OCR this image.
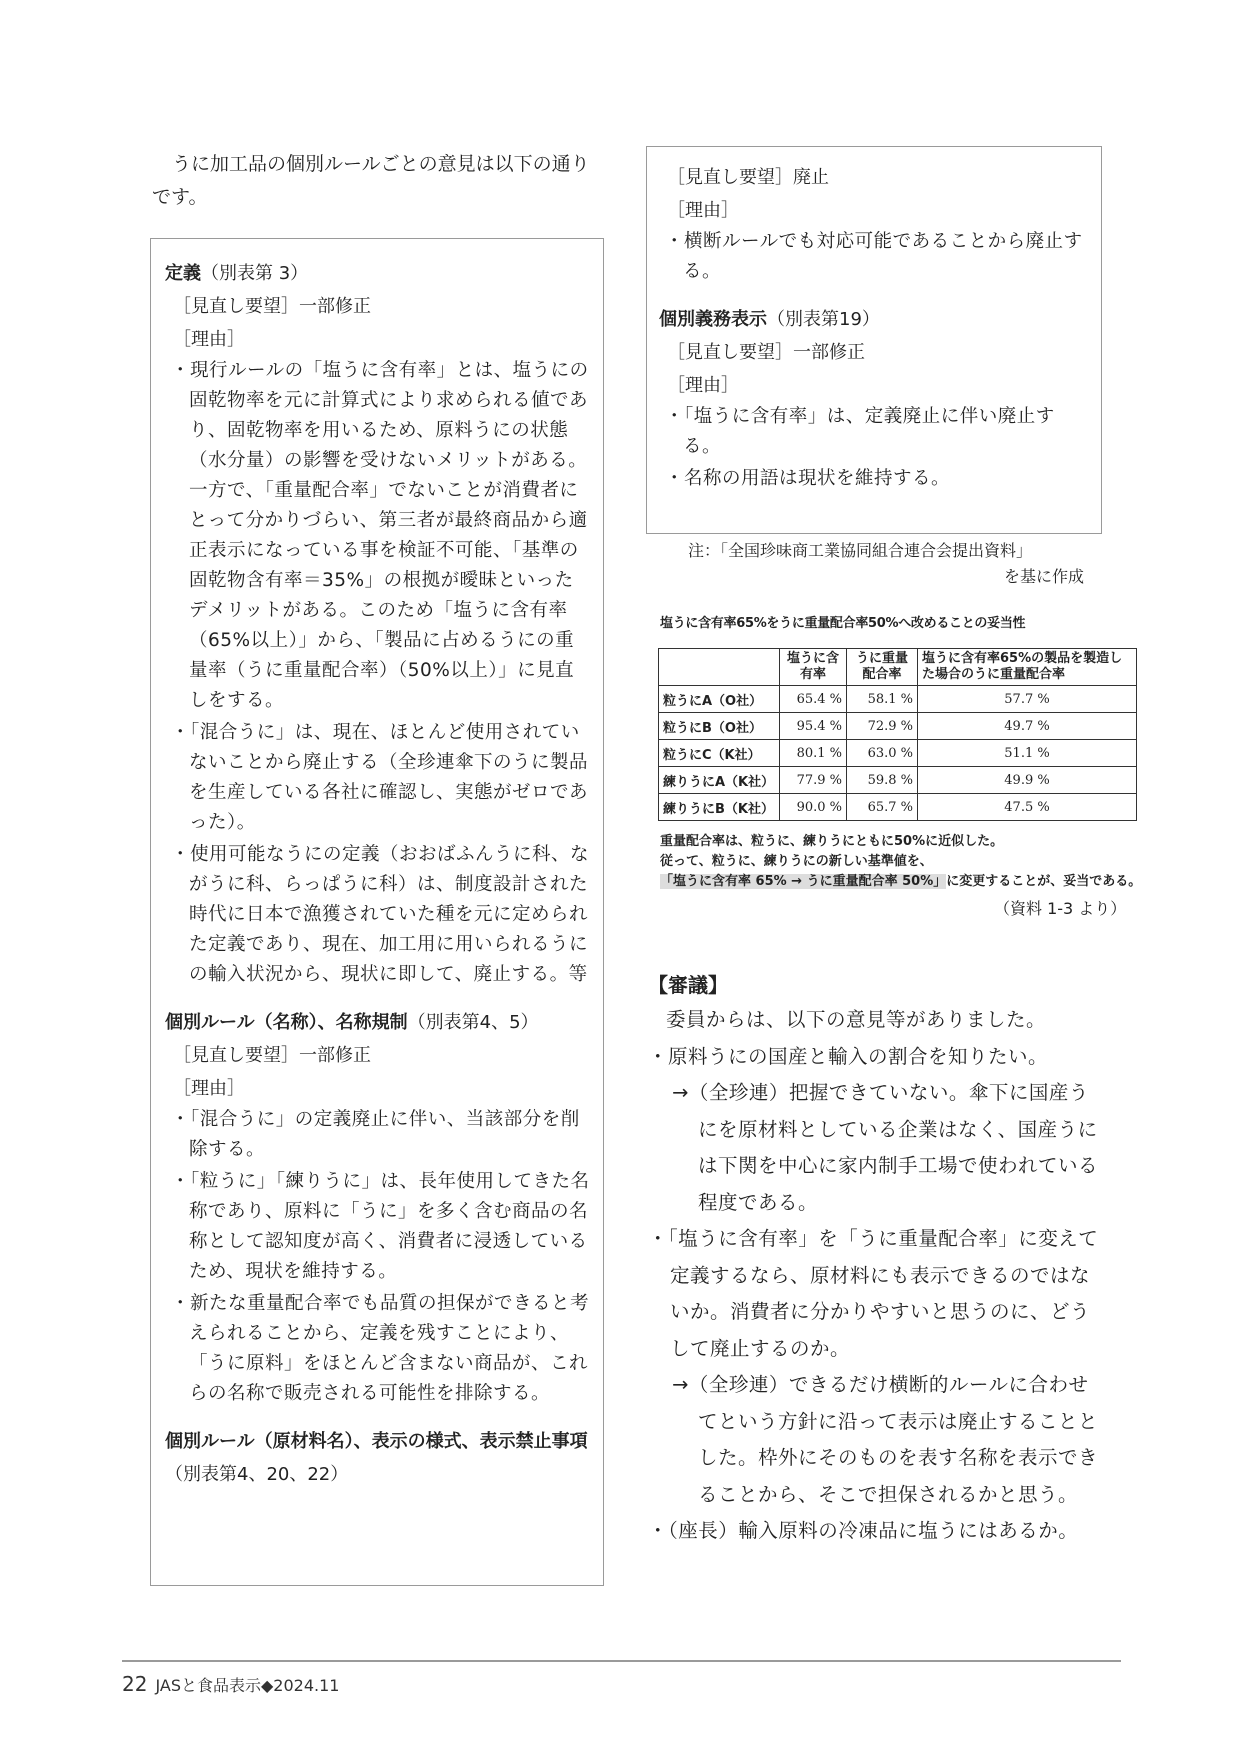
うに加工品の個別ルールごとの意見は以下の通りです。

定義（別表第 3）

［見直し要望］一部修正

［理由］

・現行ルールの「塩うに含有率」とは、塩うにの固乾物率を元に計算式により求められる値であり、固乾物率を用いるため、原料うにの状態（水分量）の影響を受けないメリットがある。一方で、「重量配合率」でないことが消費者にとって分かりづらい、第三者が最終商品から適正表示になっている事を検証不可能、「基準の固乾物含有率＝35%」の根拠が曖昧といったデメリットがある。このため「塩うに含有率（65%以上）」から、「製品に占めるうにの重量率（うに重量配合率）（50%以上）」に見直しをする。

・「混合うに」は、現在、ほとんど使用されていないことから廃止する（全珍連傘下のうに製品を生産している各社に確認し、実態がゼロであった）。

・使用可能なうにの定義（おおばふんうに科、ながうに科、らっぱうに科）は、制度設計された時代に日本で漁獲されていた種を元に定められた定義であり、現在、加工用に用いられるうにの輸入状況から、現状に即して、廃止する。等

個別ルール（名称）、名称規制（別表第4、5）

［見直し要望］一部修正

［理由］

・「混合うに」の定義廃止に伴い、当該部分を削除する。

・「粒うに」「練りうに」は、長年使用してきた名称であり、原料に「うに」を多く含む商品の名称として認知度が高く、消費者に浸透しているため、現状を維持する。

・新たな重量配合率でも品質の担保ができると考えられることから、定義を残すことにより、「うに原料」をほとんど含まない商品が、これらの名称で販売される可能性を排除する。

個別ルール（原材料名）、表示の様式、表示禁止事項（別表第4、20、22）

［見直し要望］廃止

［理由］

・横断ルールでも対応可能であることから廃止する。

個別義務表示（別表第19）

［見直し要望］一部修正

［理由］

・「塩うに含有率」は、定義廃止に伴い廃止する。

・名称の用語は現状を維持する。

注：「全国珍味商工業協同組合連合会提出資料」
を基に作成
塩うに含有率65%をうに重量配合率50%へ改めることの妥当性
	塩うに含有率	うに重量配合率	塩うに含有率65%の製品を製造した場合のうに重量配合率
粒うにA（O社）	65.4 %	58.1 %	57.7 %
粒うにB（O社）	95.4 %	72.9 %	49.7 %
粒うにC（K社）	80.1 %	63.0 %	51.1 %
練りうにA（K社）	77.9 %	59.8 %	49.9 %
練りうにB（K社）	90.0 %	65.7 %	47.5 %
重量配合率は、粒うに、練りうにともに50%に近似した。
従って、粒うに、練りうにの新しい基準値を、
「塩うに含有率 65% → うに重量配合率 50%」に変更することが、妥当である。
（資料 1-3 より）

【審議】

委員からは、以下の意見等がありました。

・原料うにの国産と輸入の割合を知りたい。

→（全珍連）把握できていない。傘下に国産うにを原材料としている企業はなく、国産うには下関を中心に家内制手工場で使われている程度である。

・「塩うに含有率」を「うに重量配合率」に変えて定義するなら、原材料にも表示できるのではないか。消費者に分かりやすいと思うのに、どうして廃止するのか。

→（全珍連）できるだけ横断的ルールに合わせてという方針に沿って表示は廃止することとした。枠外にそのものを表す名称を表示できることから、そこで担保されるかと思う。

・（座長）輸入原料の冷凍品に塩うにはあるか。

22 JASと食品表示◆2024.11
